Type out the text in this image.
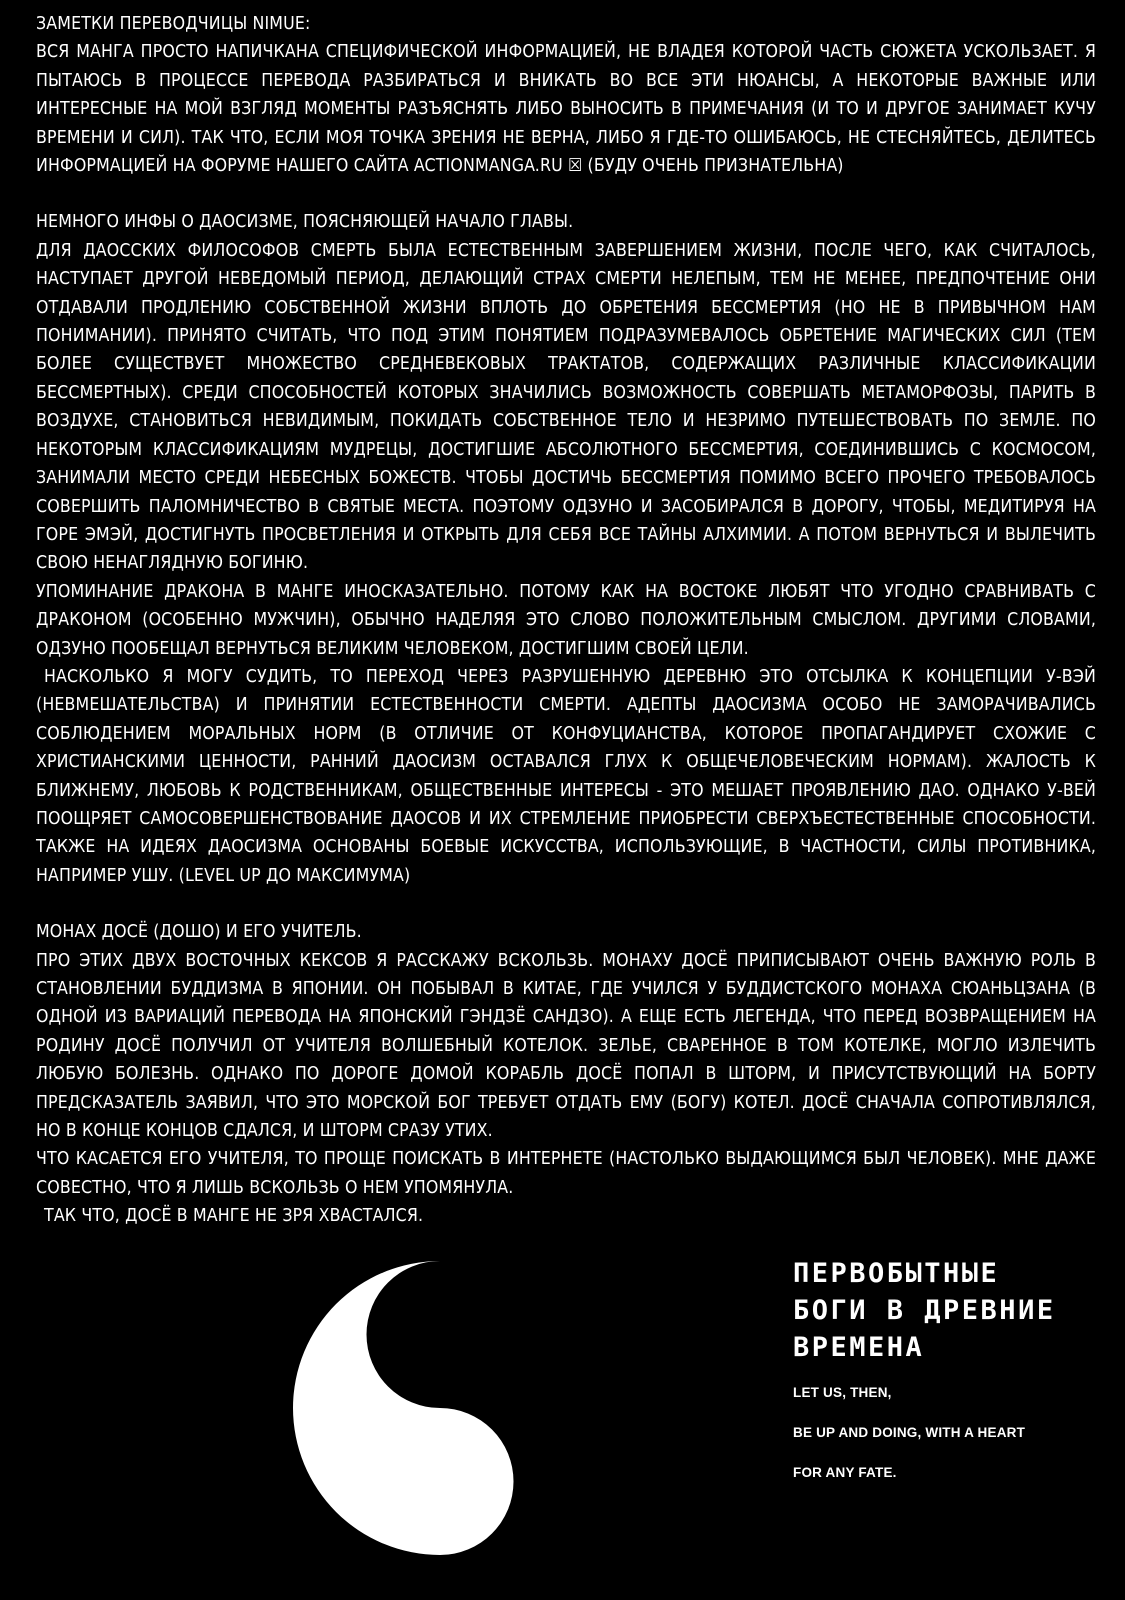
ЗАМЕТКИ ПЕРЕВОДЧИЦЫ NIMUE:

ВСЯ МАНГА ПРОСТО НАПИЧКАНА СПЕЦИФИЧЕСКОЙ ИНФОРМАЦИЕЙ, НЕ ВЛАДЕЯ КОТОРОЙ ЧАСТЬ СЮЖЕТА УСКОЛЬЗАЕТ. Я ПЫТАЮСЬ В ПРОЦЕССЕ ПЕРЕВОДА РАЗБИРАТЬСЯ И ВНИКАТЬ ВО ВСЕ ЭТИ НЮАНСЫ, А НЕКОТОРЫЕ ВАЖНЫЕ ИЛИ ИНТЕРЕСНЫЕ НА МОЙ ВЗГЛЯД МОМЕНТЫ РАЗЪЯСНЯТЬ ЛИБО ВЫНОСИТЬ В ПРИМЕЧАНИЯ (И ТО И ДРУГОЕ ЗАНИМАЕТ КУЧУ ВРЕМЕНИ И СИЛ). ТАК ЧТО, ЕСЛИ МОЯ ТОЧКА ЗРЕНИЯ НЕ ВЕРНА, ЛИБО Я ГДЕ-ТО ОШИБАЮСЬ, НЕ СТЕСНЯЙТЕСЬ, ДЕЛИТЕСЬ ИНФОРМАЦИЕЙ НА ФОРУМЕ НАШЕГО САЙТА ACTIONMANGA.RU ☒ (БУДУ ОЧЕНЬ ПРИЗНАТЕЛЬНА)

НЕМНОГО ИНФЫ О ДАОСИЗМЕ, ПОЯСНЯЮЩЕЙ НАЧАЛО ГЛАВЫ.

ДЛЯ ДАОССКИХ ФИЛОСОФОВ СМЕРТЬ БЫЛА ЕСТЕСТВЕННЫМ ЗАВЕРШЕНИЕМ ЖИЗНИ, ПОСЛЕ ЧЕГО, КАК СЧИТАЛОСЬ, НАСТУПАЕТ ДРУГОЙ НЕВЕДОМЫЙ ПЕРИОД, ДЕЛАЮЩИЙ СТРАХ СМЕРТИ НЕЛЕПЫМ, ТЕМ НЕ МЕНЕЕ, ПРЕДПОЧТЕНИЕ ОНИ ОТДАВАЛИ ПРОДЛЕНИЮ СОБСТВЕННОЙ ЖИЗНИ ВПЛОТЬ ДО ОБРЕТЕНИЯ БЕССМЕРТИЯ (НО НЕ В ПРИВЫЧНОМ НАМ ПОНИМАНИИ). ПРИНЯТО СЧИТАТЬ, ЧТО ПОД ЭТИМ ПОНЯТИЕМ ПОДРАЗУМЕВАЛОСЬ ОБРЕТЕНИЕ МАГИЧЕСКИХ СИЛ (ТЕМ БОЛЕЕ СУЩЕСТВУЕТ МНОЖЕСТВО СРЕДНЕВЕКОВЫХ ТРАКТАТОВ, СОДЕРЖАЩИХ РАЗЛИЧНЫЕ КЛАССИФИКАЦИИ БЕССМЕРТНЫХ). СРЕДИ СПОСОБНОСТЕЙ КОТОРЫХ ЗНАЧИЛИСЬ ВОЗМОЖНОСТЬ СОВЕРШАТЬ МЕТАМОРФОЗЫ, ПАРИТЬ В ВОЗДУХЕ, СТАНОВИТЬСЯ НЕВИДИМЫМ, ПОКИДАТЬ СОБСТВЕННОЕ ТЕЛО И НЕЗРИМО ПУТЕШЕСТВОВАТЬ ПО ЗЕМЛЕ. ПО НЕКОТОРЫМ КЛАССИФИКАЦИЯМ МУДРЕЦЫ, ДОСТИГШИЕ АБСОЛЮТНОГО БЕССМЕРТИЯ, СОЕДИНИВШИСЬ С КОСМОСОМ, ЗАНИМАЛИ МЕСТО СРЕДИ НЕБЕСНЫХ БОЖЕСТВ. ЧТОБЫ ДОСТИЧЬ БЕССМЕРТИЯ ПОМИМО ВСЕГО ПРОЧЕГО ТРЕБОВАЛОСЬ СОВЕРШИТЬ ПАЛОМНИЧЕСТВО В СВЯТЫЕ МЕСТА. ПОЭТОМУ ОДЗУНО И ЗАСОБИРАЛСЯ В ДОРОГУ, ЧТОБЫ, МЕДИТИРУЯ НА ГОРЕ ЭМЭЙ, ДОСТИГНУТЬ ПРОСВЕТЛЕНИЯ И ОТКРЫТЬ ДЛЯ СЕБЯ ВСЕ ТАЙНЫ АЛХИМИИ. А ПОТОМ ВЕРНУТЬСЯ И ВЫЛЕЧИТЬ СВОЮ НЕНАГЛЯДНУЮ БОГИНЮ.

УПОМИНАНИЕ ДРАКОНА В МАНГЕ ИНОСКАЗАТЕЛЬНО. ПОТОМУ КАК НА ВОСТОКЕ ЛЮБЯТ ЧТО УГОДНО СРАВНИВАТЬ С ДРАКОНОМ (ОСОБЕННО МУЖЧИН), ОБЫЧНО НАДЕЛЯЯ ЭТО СЛОВО ПОЛОЖИТЕЛЬНЫМ СМЫСЛОМ. ДРУГИМИ СЛОВАМИ, ОДЗУНО ПООБЕЩАЛ ВЕРНУТЬСЯ ВЕЛИКИМ ЧЕЛОВЕКОМ, ДОСТИГШИМ СВОЕЙ ЦЕЛИ.

НАСКОЛЬКО Я МОГУ СУДИТЬ, ТО ПЕРЕХОД ЧЕРЕЗ РАЗРУШЕННУЮ ДЕРЕВНЮ ЭТО ОТСЫЛКА К КОНЦЕПЦИИ У-ВЭЙ (НЕВМЕШАТЕЛЬСТВА) И ПРИНЯТИИ ЕСТЕСТВЕННОСТИ СМЕРТИ. АДЕПТЫ ДАОСИЗМА ОСОБО НЕ ЗАМОРАЧИВАЛИСЬ СОБЛЮДЕНИЕМ МОРАЛЬНЫХ НОРМ (В ОТЛИЧИЕ ОТ КОНФУЦИАНСТВА, КОТОРОЕ ПРОПАГАНДИРУЕТ СХОЖИЕ С ХРИСТИАНСКИМИ ЦЕННОСТИ, РАННИЙ ДАОСИЗМ ОСТАВАЛСЯ ГЛУХ К ОБЩЕЧЕЛОВЕЧЕСКИМ НОРМАМ). ЖАЛОСТЬ К БЛИЖНЕМУ, ЛЮБОВЬ К РОДСТВЕННИКАМ, ОБЩЕСТВЕННЫЕ ИНТЕРЕСЫ - ЭТО МЕШАЕТ ПРОЯВЛЕНИЮ ДАО. ОДНАКО У-ВЕЙ ПООЩРЯЕТ САМОСОВЕРШЕНСТВОВАНИЕ ДАОСОВ И ИХ СТРЕМЛЕНИЕ ПРИОБРЕСТИ СВЕРХЪЕСТЕСТВЕННЫЕ СПОСОБНОСТИ. ТАКЖЕ НА ИДЕЯХ ДАОСИЗМА ОСНОВАНЫ БОЕВЫЕ ИСКУССТВА, ИСПОЛЬЗУЮЩИЕ, В ЧАСТНОСТИ, СИЛЫ ПРОТИВНИКА, НАПРИМЕР УШУ. (LEVEL UP ДО МАКСИМУМА)

МОНАХ ДОСЁ (ДОШО) И ЕГО УЧИТЕЛЬ.

ПРО ЭТИХ ДВУХ ВОСТОЧНЫХ КЕКСОВ Я РАССКАЖУ ВСКОЛЬЗЬ. МОНАХУ ДОСЁ ПРИПИСЫВАЮТ ОЧЕНЬ ВАЖНУЮ РОЛЬ В СТАНОВЛЕНИИ БУДДИЗМА В ЯПОНИИ. ОН ПОБЫВАЛ В КИТАЕ, ГДЕ УЧИЛСЯ У БУДДИСТСКОГО МОНАХА СЮАНЬЦЗАНА (В ОДНОЙ ИЗ ВАРИАЦИЙ ПЕРЕВОДА НА ЯПОНСКИЙ ГЭНДЗЁ САНДЗО). А ЕЩЕ ЕСТЬ ЛЕГЕНДА, ЧТО ПЕРЕД ВОЗВРАЩЕНИЕМ НА РОДИНУ ДОСЁ ПОЛУЧИЛ ОТ УЧИТЕЛЯ ВОЛШЕБНЫЙ КОТЕЛОК. ЗЕЛЬЕ, СВАРЕННОЕ В ТОМ КОТЕЛКЕ, МОГЛО ИЗЛЕЧИТЬ ЛЮБУЮ БОЛЕЗНЬ. ОДНАКО ПО ДОРОГЕ ДОМОЙ КОРАБЛЬ ДОСЁ ПОПАЛ В ШТОРМ, И ПРИСУТСТВУЮЩИЙ НА БОРТУ ПРЕДСКАЗАТЕЛЬ ЗАЯВИЛ, ЧТО ЭТО МОРСКОЙ БОГ ТРЕБУЕТ ОТДАТЬ ЕМУ (БОГУ) КОТЕЛ. ДОСЁ СНАЧАЛА СОПРОТИВЛЯЛСЯ, НО В КОНЦЕ КОНЦОВ СДАЛСЯ, И ШТОРМ СРАЗУ УТИХ.

ЧТО КАСАЕТСЯ ЕГО УЧИТЕЛЯ, ТО ПРОЩЕ ПОИСКАТЬ В ИНТЕРНЕТЕ (НАСТОЛЬКО ВЫДАЮЩИМСЯ БЫЛ ЧЕЛОВЕК). МНЕ ДАЖЕ СОВЕСТНО, ЧТО Я ЛИШЬ ВСКОЛЬЗЬ О НЕМ УПОМЯНУЛА.

ТАК ЧТО, ДОСЁ В МАНГЕ НЕ ЗРЯ ХВАСТАЛСЯ.

ПЕРВОБЫТНЫЕ БОГИ В ДРЕВНИЕ ВРЕМЕНА

LET US, THEN,

BE UP AND DOING, WITH A HEART

FOR ANY FATE.
